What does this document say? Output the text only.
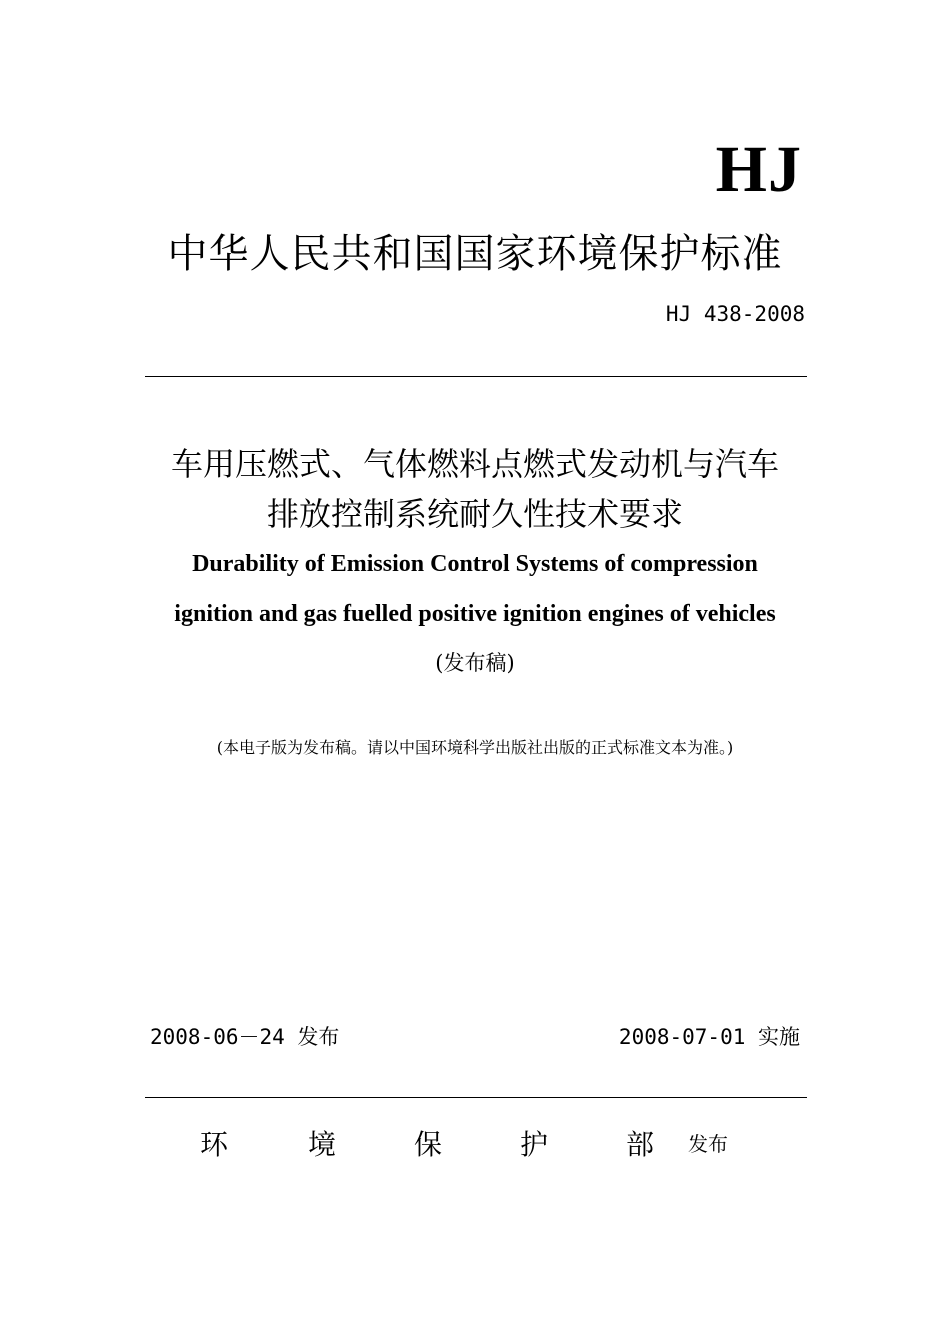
HJ
中华人民共和国国家环境保护标准
HJ 438-2008
车用压燃式、气体燃料点燃式发动机与汽车
排放控制系统耐久性技术要求
Durability of Emission Control Systems of compression
ignition and gas fuelled positive ignition engines of vehicles
(发布稿)
(本电子版为发布稿。请以中国环境科学出版社出版的正式标准文本为准。)
2008-06－24 发布	2008-07-01 实施
环	境	保	护	部 发布
